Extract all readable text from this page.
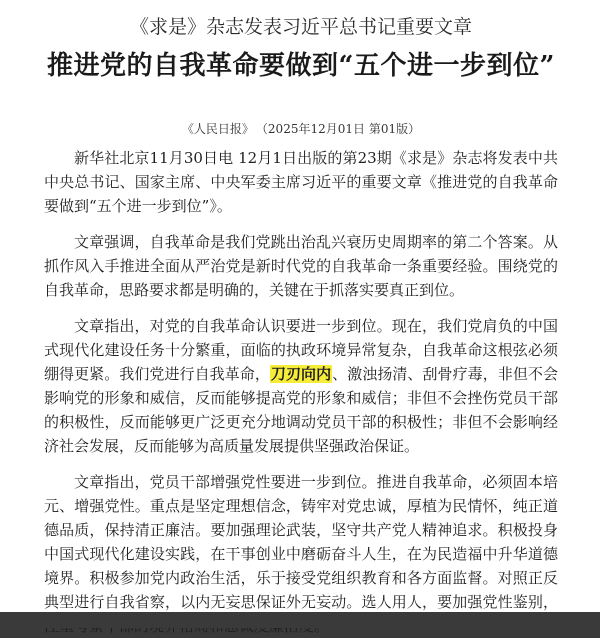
《求是》杂志发表习近平总书记重要文章
推进党的自我革命要做到“五个进一步到位”
《人民日报》 （2025年12月01日 第01版）

新华社北京11月30日电 12月1日出版的第23期《求是》杂志将发表中共中央总书记、国家主席、中央军委主席习近平的重要文章《推进党的自我革命要做到“五个进一步到位”》。

文章强调，自我革命是我们党跳出治乱兴衰历史周期率的第二个答案。从抓作风入手推进全面从严治党是新时代党的自我革命一条重要经验。围绕党的自我革命，思路要求都是明确的，关键在于抓落实要真正到位。

文章指出，对党的自我革命认识要进一步到位。现在，我们党肩负的中国式现代化建设任务十分繁重，面临的执政环境异常复杂，自我革命这根弦必须绷得更紧。我们党进行自我革命，刀刃向内、激浊扬清、刮骨疗毒，非但不会影响党的形象和威信，反而能够提高党的形象和威信；非但不会挫伤党员干部的积极性，反而能够更广泛更充分地调动党员干部的积极性；非但不会影响经济社会发展，反而能够为高质量发展提供坚强政治保证。

文章指出，党员干部增强党性要进一步到位。推进自我革命，必须固本培元、增强党性。重点是坚定理想信念，铸牢对党忠诚，厚植为民情怀，纯正道德品质，保持清正廉洁。要加强理论武装，坚守共产党人精神追求。积极投身中国式现代化建设实践，在干事创业中磨砺奋斗人生，在为民造福中升华道德境界。积极参加党内政治生活，乐于接受党组织教育和各方面监督。对照正反典型进行自我省察，以内无妄思保证外无妄动。选人用人，要加强党性鉴别，
